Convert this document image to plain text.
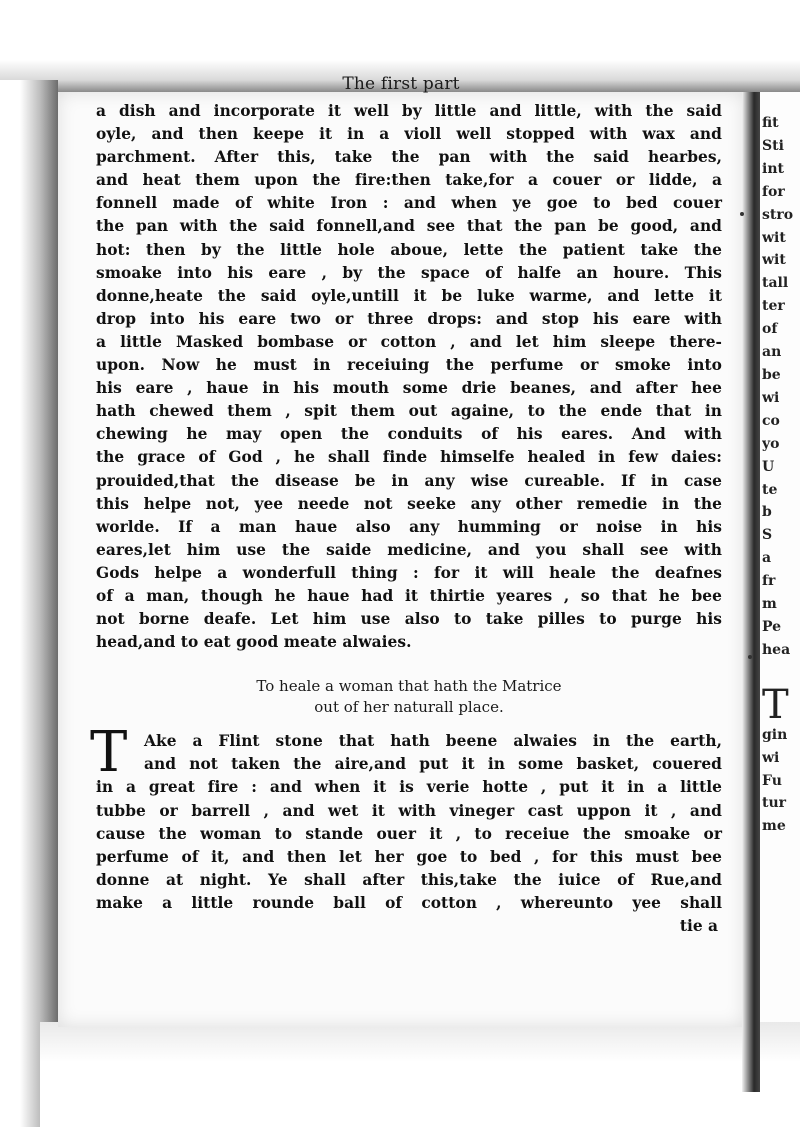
The first part
a dish and incorporate it well by little and little, with the said
oyle, and then keepe it in a violl well stopped with wax and
parchment. After this, take the pan with the said hearbes,
and heat them upon the fire:then take,for a couer or lidde, a
fonnell made of white Iron : and when ye goe to bed couer
the pan with the said fonnell,and see that the pan be good, and
hot: then by the little hole aboue, lette the patient take the
smoake into his eare , by the space of halfe an houre. This
donne,heate the said oyle,untill it be luke warme, and lette it
drop into his eare two or three drops: and stop his eare with
a little Masked bombase or cotton , and let him sleepe there-
upon. Now he must in receiuing the perfume or smoke into
his eare , haue in his mouth some drie beanes, and after hee
hath chewed them , spit them out againe, to the ende that in
chewing he may open the conduits of his eares. And with
the grace of God , he shall finde himselfe healed in few daies:
prouided,that the disease be in any wise cureable. If in case
this helpe not, yee neede not seeke any other remedie in the
worlde. If a man haue also any humming or noise in his
eares,let him use the saide medicine, and you shall see with
Gods helpe a wonderfull thing : for it will heale the deafnes
of a man, though he haue had it thirtie yeares , so that he bee
not borne deafe. Let him use also to take pilles to purge his
head,and to eat good meate alwaies.
To heale a woman that hath the Matrice
out of her naturall place.
T	Ake a Flint stone that hath beene alwaies in the earth,
and not taken the aire,and put it in some basket, couered
in a great fire : and when it is verie hotte , put it in a little
tubbe or barrell , and wet it with vineger cast uppon it , and
cause the woman to stande ouer it , to receiue the smoake or
perfume of it, and then let her goe to bed , for this must bee
donne at night. Ye shall after this,take the iuice of Rue,and
make a little rounde ball of cotton , whereunto yee shall
tie a
fit
Sti
int
for
stro
wit
wit
tall
ter
of
an
be
wi
co
yo
U
te
b
S
a
fr
m
Pe
hea
T
gin
wi
Fu
tur
me
